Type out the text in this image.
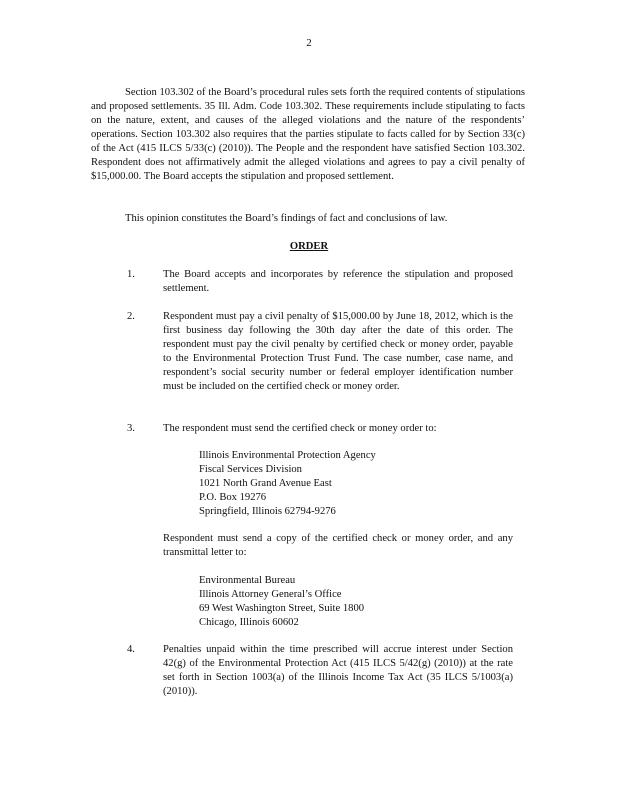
2

Section 103.302 of the Board’s procedural rules sets forth the required contents of stipulations and proposed settlements. 35 Ill. Adm. Code 103.302. These requirements include stipulating to facts on the nature, extent, and causes of the alleged violations and the nature of the respondents’ operations. Section 103.302 also requires that the parties stipulate to facts called for by Section 33(c) of the Act (415 ILCS 5/33(c) (2010)). The People and the respondent have satisfied Section 103.302. Respondent does not affirmatively admit the alleged violations and agrees to pay a civil penalty of $15,000.00. The Board accepts the stipulation and proposed settlement.

This opinion constitutes the Board’s findings of fact and conclusions of law.

ORDER
1.	The Board accepts and incorporates by reference the stipulation and proposed settlement.

2.	Respondent must pay a civil penalty of $15,000.00 by June 18, 2012, which is the first business day following the 30th day after the date of this order. The respondent must pay the civil penalty by certified check or money order, payable to the Environmental Protection Trust Fund. The case number, case name, and respondent’s social security number or federal employer identification number must be included on the certified check or money order.

3.	The respondent must send the certified check or money order to:

Illinois Environmental Protection Agency
Fiscal Services Division
1021 North Grand Avenue East
P.O. Box 19276
Springfield, Illinois 62794-9276

Respondent must send a copy of the certified check or money order, and any transmittal letter to:

Environmental Bureau
Illinois Attorney General’s Office
69 West Washington Street, Suite 1800
Chicago, Illinois 60602
4.	Penalties unpaid within the time prescribed will accrue interest under Section 42(g) of the Environmental Protection Act (415 ILCS 5/42(g) (2010)) at the rate set forth in Section 1003(a) of the Illinois Income Tax Act (35 ILCS 5/1003(a) (2010)).
